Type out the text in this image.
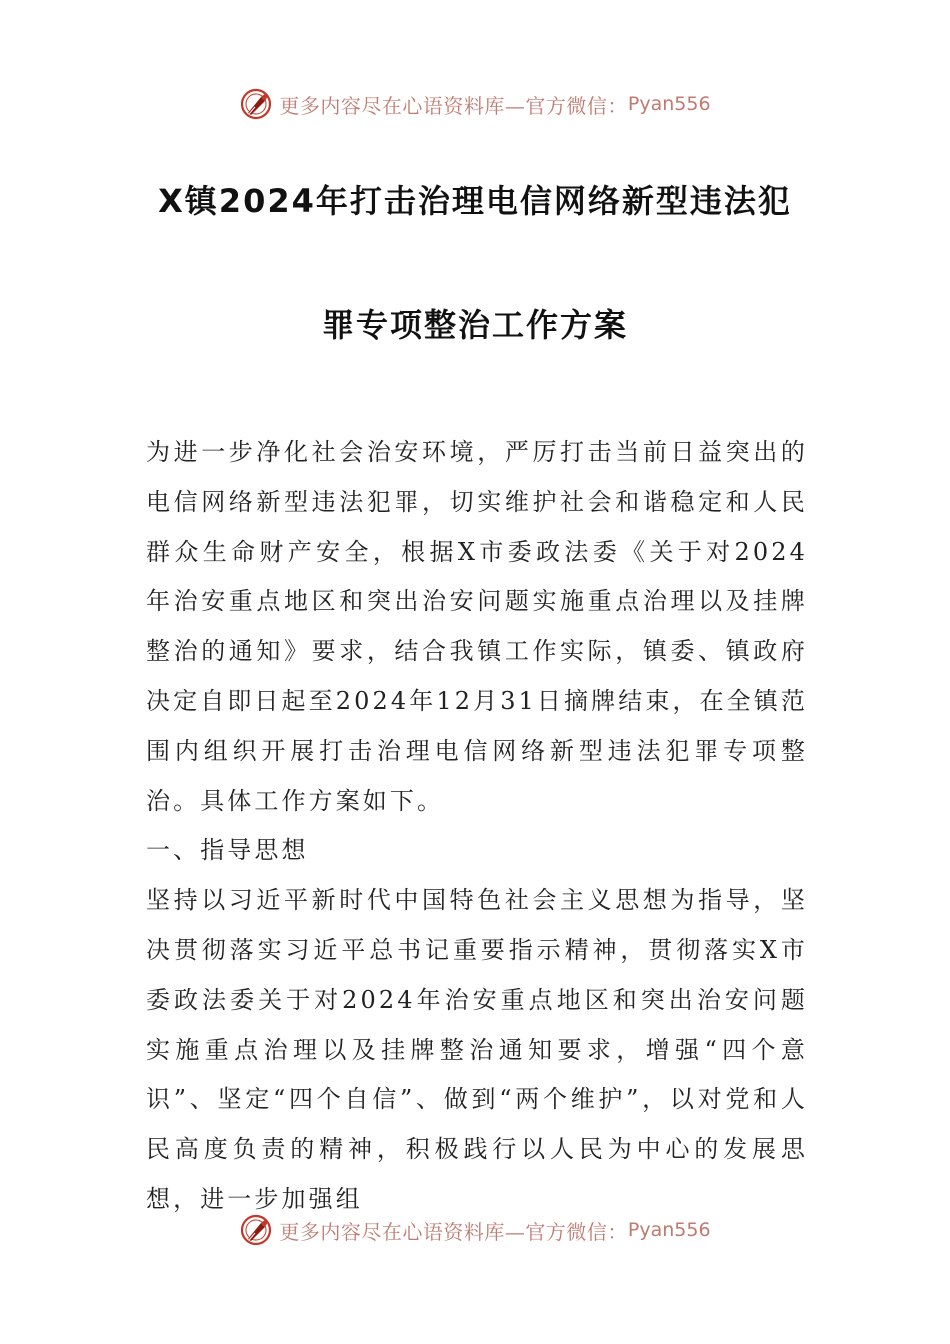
更多内容尽在心语资料库—官方微信： Pyan556
X镇2024年打击治理电信网络新型违法犯
罪专项整治工作方案

为进一步净化社会治安环境，严厉打击当前日益突出的电信网络新型违法犯罪，切实维护社会和谐稳定和人民群众生命财产安全，根据X市委政法委《关于对2024年治安重点地区和突出治安问题实施重点治理以及挂牌整治的通知》要求，结合我镇工作实际，镇委、镇政府决定自即日起至2024年12月31日摘牌结束，在全镇范围内组织开展打击治理电信网络新型违法犯罪专项整治。具体工作方案如下。

一、指导思想

坚持以习近平新时代中国特色社会主义思想为指导，坚决贯彻落实习近平总书记重要指示精神，贯彻落实X市委政法委关于对2024年治安重点地区和突出治安问题实施重点治理以及挂牌整治通知要求，增强“四个意识”、坚定“四个自信”、做到“两个维护”，以对党和人民高度负责的精神，积极践行以人民为中心的发展思想，进一步加强组

更多内容尽在心语资料库—官方微信： Pyan556
